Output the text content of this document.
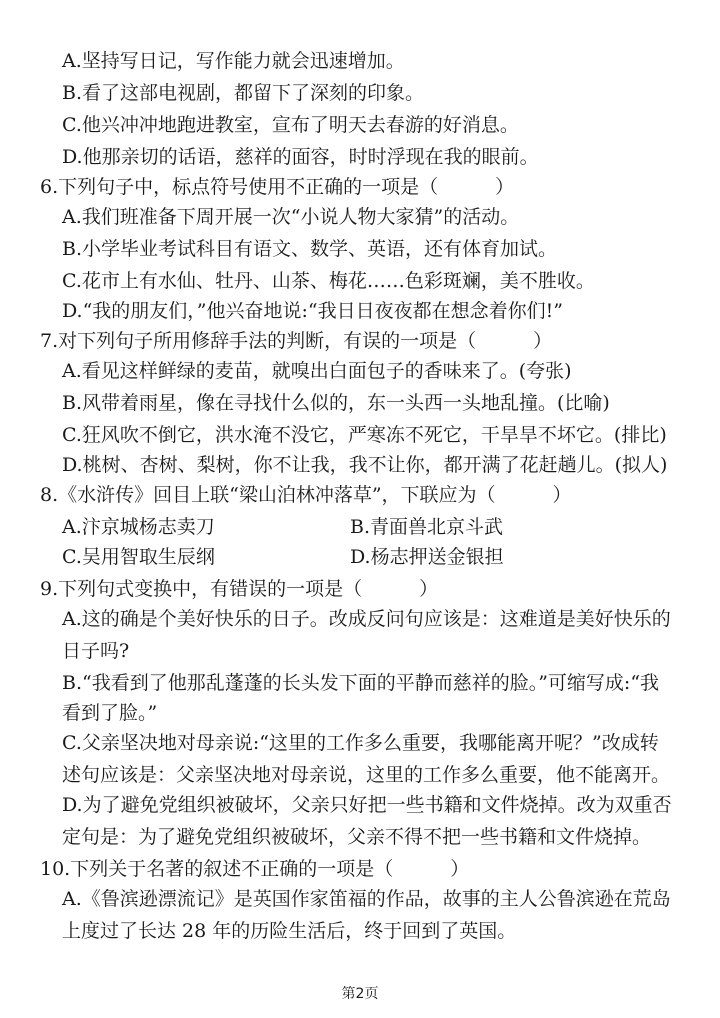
A.坚持写日记，写作能力就会迅速增加。

B.看了这部电视剧，都留下了深刻的印象。

C.他兴冲冲地跑进教室，宣布了明天去春游的好消息。

D.他那亲切的话语，慈祥的面容，时时浮现在我的眼前。

6.下列句子中，标点符号使用不正确的一项是（　　　）

A.我们班准备下周开展一次“小说人物大家猜”的活动。

B.小学毕业考试科目有语文、数学、英语，还有体育加试。

C.花市上有水仙、牡丹、山茶、梅花……色彩斑斓，美不胜收。

D.“我的朋友们，”他兴奋地说:“我日日夜夜都在想念着你们!”

7.对下列句子所用修辞手法的判断，有误的一项是（　　　）

A.看见这样鲜绿的麦苗，就嗅出白面包子的香味来了。(夸张)

B.风带着雨星，像在寻找什么似的，东一头西一头地乱撞。(比喻)

C.狂风吹不倒它，洪水淹不没它，严寒冻不死它，干旱旱不坏它。(排比)

D.桃树、杏树、梨树，你不让我，我不让你，都开满了花赶趟儿。(拟人)

8.《水浒传》回目上联“梁山泊林冲落草”，下联应为（　　　）

A.汴京城杨志卖刀	B.青面兽北京斗武

C.吴用智取生辰纲	D.杨志押送金银担

9.下列句式变换中，有错误的一项是（　　　）

A.这的确是个美好快乐的日子。改成反问句应该是：这难道是美好快乐的

日子吗?

B.“我看到了他那乱蓬蓬的长头发下面的平静而慈祥的脸。”可缩写成:“我

看到了脸。”

C.父亲坚决地对母亲说:“这里的工作多么重要，我哪能离开呢？”改成转

述句应该是：父亲坚决地对母亲说，这里的工作多么重要，他不能离开。

D.为了避免党组织被破坏，父亲只好把一些书籍和文件烧掉。改为双重否

定句是：为了避免党组织被破坏，父亲不得不把一些书籍和文件烧掉。

10.下列关于名著的叙述不正确的一项是（　　　）

A.《鲁滨逊漂流记》是英国作家笛福的作品，故事的主人公鲁滨逊在荒岛

上度过了长达 28 年的历险生活后，终于回到了英国。

第2页
